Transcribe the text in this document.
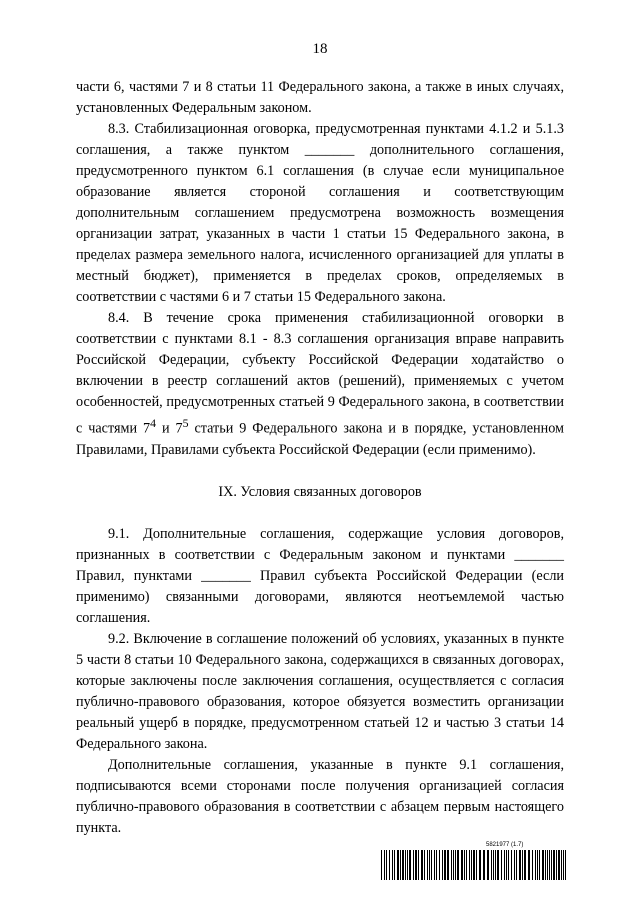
18

части 6, частями 7 и 8 статьи 11 Федерального закона, а также в иных случаях, установленных Федеральным законом.

8.3. Стабилизационная оговорка, предусмотренная пунктами 4.1.2 и 5.1.3 соглашения, а также пунктом _______ дополнительного соглашения, предусмотренного пунктом 6.1 соглашения (в случае если муниципальное образование является стороной соглашения и соответствующим дополнительным соглашением предусмотрена возможность возмещения организации затрат, указанных в части 1 статьи 15 Федерального закона, в пределах размера земельного налога, исчисленного организацией для уплаты в местный бюджет), применяется в пределах сроков, определяемых в соответствии с частями 6 и 7 статьи 15 Федерального закона.

8.4. В течение срока применения стабилизационной оговорки в соответствии с пунктами 8.1 - 8.3 соглашения организация вправе направить Российской Федерации, субъекту Российской Федерации ходатайство о включении в реестр соглашений актов (решений), применяемых с учетом особенностей, предусмотренных статьей 9 Федерального закона, в соответствии с частями $7^4$ и $7^5$ статьи 9 Федерального закона и в порядке, установленном Правилами, Правилами субъекта Российской Федерации (если применимо).

IX. Условия связанных договоров

9.1. Дополнительные соглашения, содержащие условия договоров, признанных в соответствии с Федеральным законом и пунктами _______ Правил, пунктами _______ Правил субъекта Российской Федерации (если применимо) связанными договорами, являются неотъемлемой частью соглашения.

9.2. Включение в соглашение положений об условиях, указанных в пункте 5 части 8 статьи 10 Федерального закона, содержащихся в связанных договорах, которые заключены после заключения соглашения, осуществляется с согласия публично-правового образования, которое обязуется возместить организации реальный ущерб в порядке, предусмотренном статьей 12 и частью 3 статьи 14 Федерального закона.

Дополнительные соглашения, указанные в пункте 9.1 соглашения, подписываются всеми сторонами после получения организацией согласия публично-правового образования в соответствии с абзацем первым настоящего пункта.

5821977 (1.7)
